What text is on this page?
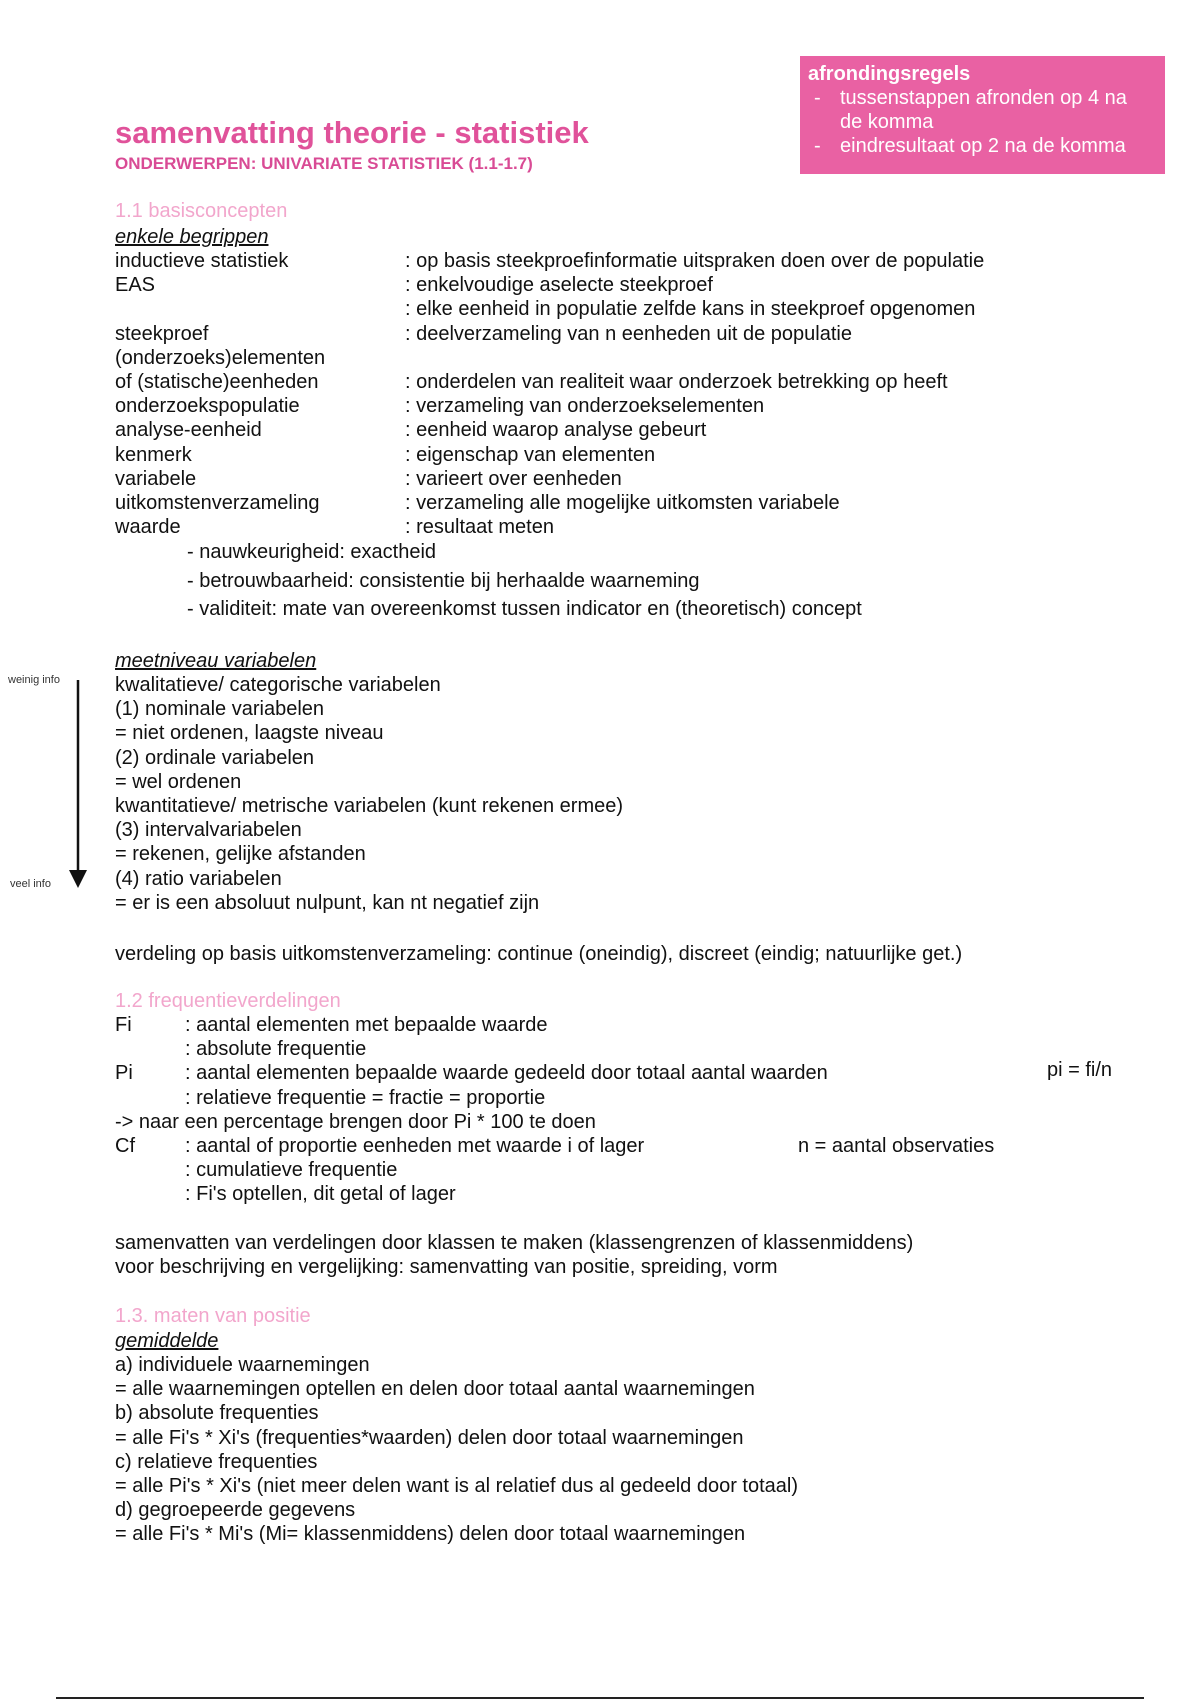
afrondingsregels
- tussenstappen afronden op 4 na
de komma
- eindresultaat op 2 na de komma
samenvatting theorie - statistiek
ONDERWERPEN: UNIVARIATE STATISTIEK (1.1-1.7)
1.1 basisconcepten
enkele begrippen
inductieve statistiek	: op basis steekproefinformatie uitspraken doen over de populatie
EAS	: enkelvoudige aselecte steekproef
: elke eenheid in populatie zelfde kans in steekproef opgenomen
steekproef	: deelverzameling van n eenheden uit de populatie
(onderzoeks)elementen
of (statische)eenheden	: onderdelen van realiteit waar onderzoek betrekking op heeft
onderzoekspopulatie	: verzameling van onderzoekselementen
analyse-eenheid	: eenheid waarop analyse gebeurt
kenmerk	: eigenschap van elementen
variabele	: varieert over eenheden
uitkomstenverzameling	: verzameling alle mogelijke uitkomsten variabele
waarde	: resultaat meten
- nauwkeurigheid: exactheid
- betrouwbaarheid: consistentie bij herhaalde waarneming
- validiteit: mate van overeenkomst tussen indicator en (theoretisch) concept
weinig info
veel info
meetniveau variabelen
kwalitatieve/ categorische variabelen
(1) nominale variabelen
= niet ordenen, laagste niveau
(2) ordinale variabelen
= wel ordenen
kwantitatieve/ metrische variabelen (kunt rekenen ermee)
(3) intervalvariabelen
= rekenen, gelijke afstanden
(4) ratio variabelen
= er is een absoluut nulpunt, kan nt negatief zijn
verdeling op basis uitkomstenverzameling: continue (oneindig), discreet (eindig; natuurlijke get.)
1.2 frequentieverdelingen
Fi	: aantal elementen met bepaalde waarde
: absolute frequentie
Pi	: aantal elementen bepaalde waarde gedeeld door totaal aantal waarden
: relatieve frequentie = fractie = proportie
-> naar een percentage brengen door Pi * 100 te doen
Cf	: aantal of proportie eenheden met waarde i of lager
: cumulatieve frequentie
: Fi's optellen, dit getal of lager
pi = fi/n
n = aantal observaties
samenvatten van verdelingen door klassen te maken (klassengrenzen of klassenmiddens)
voor beschrijving en vergelijking: samenvatting van positie, spreiding, vorm
1.3. maten van positie
gemiddelde
a) individuele waarnemingen
= alle waarnemingen optellen en delen door totaal aantal waarnemingen
b) absolute frequenties
= alle Fi's * Xi's (frequenties*waarden) delen door totaal waarnemingen
c) relatieve frequenties
= alle Pi's * Xi's (niet meer delen want is al relatief dus al gedeeld door totaal)
d) gegroepeerde gegevens
= alle Fi's * Mi's (Mi= klassenmiddens) delen door totaal waarnemingen
